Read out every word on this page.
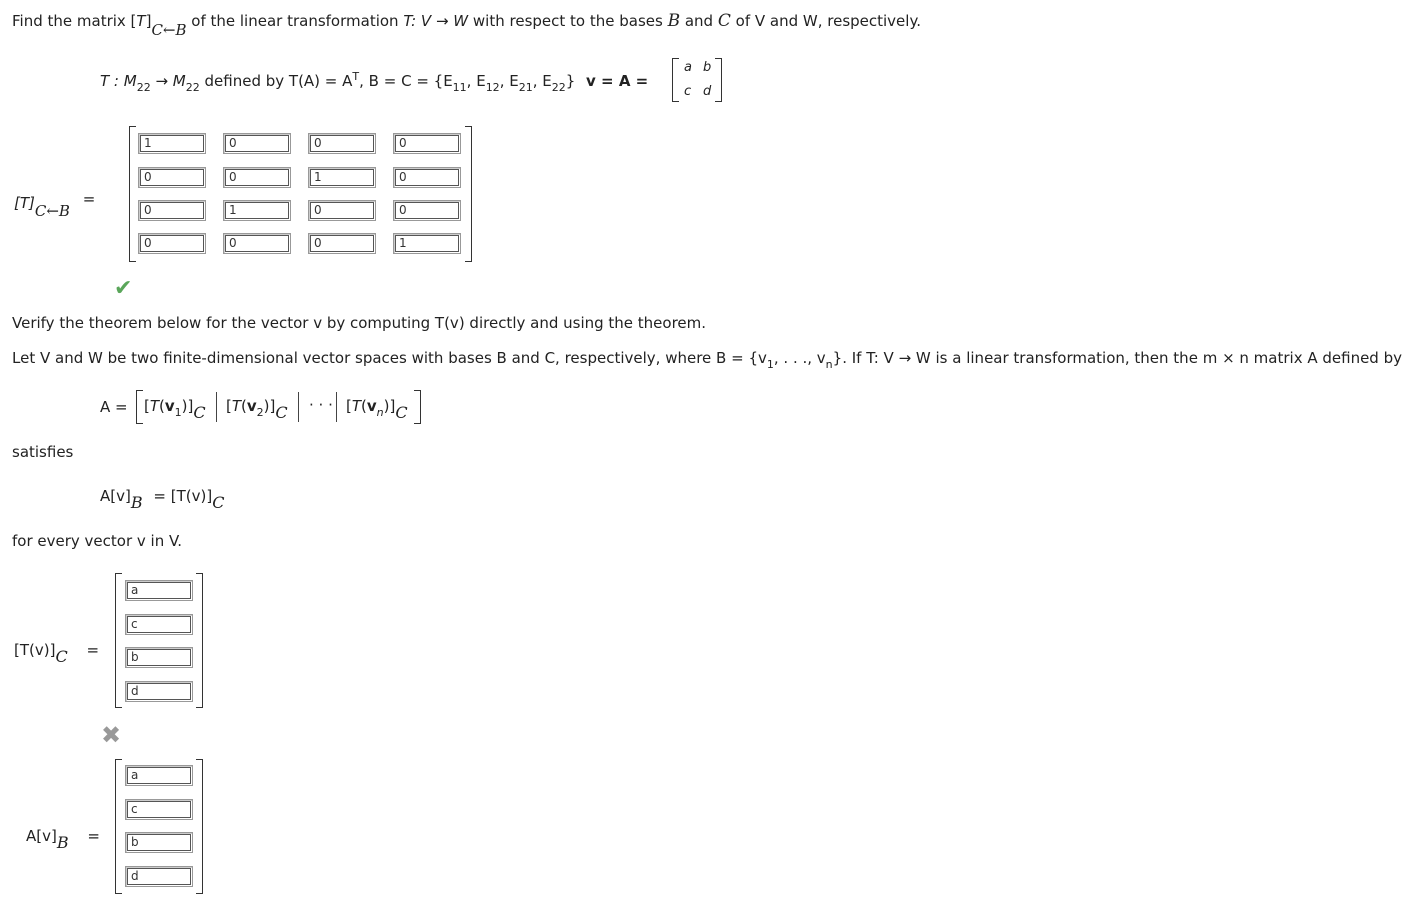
Find the matrix [T]C←B of the linear transformation T: V → W with respect to the bases B and C of V and W, respectively.
T : $M_{22} \to M_{22}$ defined by $T(A) = A^T$, $B = C = \{E_{11}$, $E_{12}$, $E_{21}$, $E_{22}$} v = A =
a b
c d
[T]C←B =
1	0	0	0
0	0	1	0
0	1	0	0
0	0	0	1
✔
Verify the theorem below for the vector v by computing T(v) directly and using the theorem.
Let V and W be two finite-dimensional vector spaces with bases B and C, respectively, where $B = \{v_1$, . . ., $v_n$}. If T: V → W is a linear transformation, then the m × n matrix A defined by
$A = [T(v_1)]C$ $[T(v_2)]C$ · · · $[T(v_n)]C$
satisfies
A[v]B = [T(v)]C
for every vector v in V.
[T(v)]C =
a
c
b
d
✖
A[v]B =
a
c
b
d
